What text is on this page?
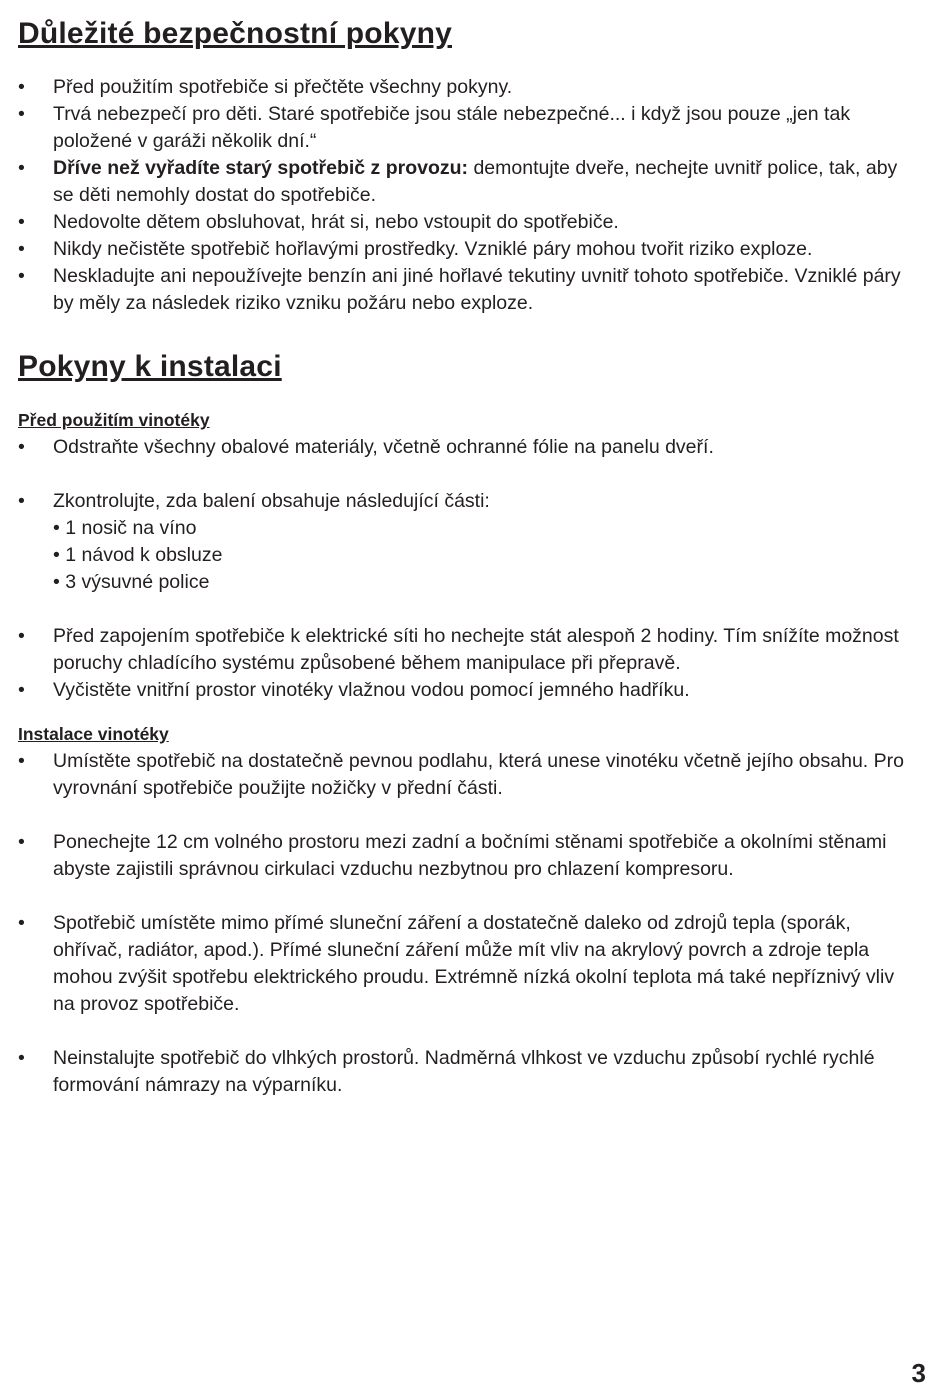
Důležité bezpečnostní pokyny
• Před použitím spotřebiče si přečtěte všechny pokyny.
• Trvá nebezpečí pro děti. Staré spotřebiče jsou stále nebezpečné... i když jsou pouze „jen tak položené v garáži několik dní.“
• Dříve než vyřadíte starý spotřebič z provozu: demontujte dveře, nechejte uvnitř police, tak, aby se děti nemohly dostat do spotřebiče.
• Nedovolte dětem obsluhovat, hrát si, nebo vstoupit do spotřebiče.
• Nikdy nečistěte spotřebič hořlavými prostředky. Vzniklé páry mohou tvořit riziko exploze.
• Neskladujte ani nepoužívejte benzín ani jiné hořlavé tekutiny uvnitř tohoto spotřebiče. Vzniklé páry by měly za následek riziko vzniku požáru nebo exploze.
Pokyny k instalaci
Před použitím vinotéky
• Odstraňte všechny obalové materiály, včetně ochranné fólie na panelu dveří.
• Zkontrolujte, zda balení obsahuje následující části:
• 1 nosič na víno
• 1 návod k obsluze
• 3 výsuvné police
• Před zapojením spotřebiče k elektrické síti ho nechejte stát alespoň 2 hodiny. Tím snížíte možnost poruchy chladícího systému způsobené během manipulace při přepravě.
• Vyčistěte vnitřní prostor vinotéky vlažnou vodou pomocí jemného hadříku.
Instalace vinotéky
• Umístěte spotřebič na dostatečně pevnou podlahu, která unese vinotéku včetně jejího obsahu. Pro vyrovnání spotřebiče použijte nožičky v přední části.
• Ponechejte 12 cm volného prostoru mezi zadní a bočními stěnami spotřebiče a okolními stěnami abyste zajistili správnou cirkulaci vzduchu nezbytnou pro chlazení kompresoru.
• Spotřebič umístěte mimo přímé sluneční záření a dostatečně daleko od zdrojů tepla (sporák, ohřívač, radiátor, apod.). Přímé sluneční záření může mít vliv na akrylový povrch a zdroje tepla mohou zvýšit spotřebu elektrického proudu. Extrémně nízká okolní teplota má také nepříznivý vliv na provoz spotřebiče.
• Neinstalujte spotřebič do vlhkých prostorů. Nadměrná vlhkost ve vzduchu způsobí rychlé rychlé formování námrazy na výparníku.
3
